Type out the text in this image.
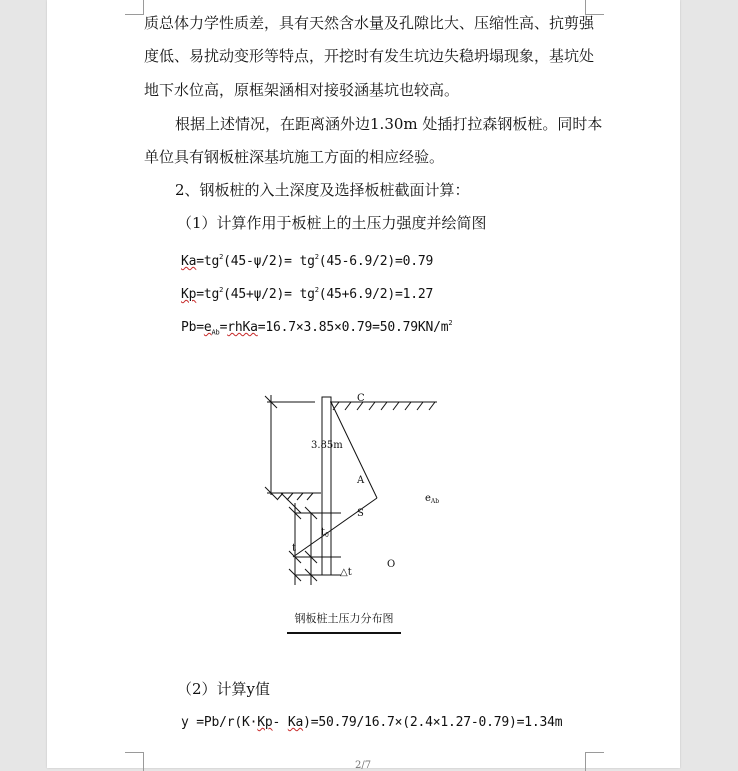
质总体力学性质差，具有天然含水量及孔隙比大、压缩性高、抗剪强
度低、易扰动变形等特点，开挖时有发生坑边失稳坍塌现象，基坑处
地下水位高，原框架涵相对接驳涵基坑也较高。
根据上述情况，在距离涵外边1.30m 处插打拉森钢板桩。同时本
单位具有钢板桩深基坑施工方面的相应经验。
2、钢板桩的入土深度及选择板桩截面计算：
（1）计算作用于板桩上的土压力强度并绘简图
$Ka=tg^2(45-\psi/2)= tg^2(45-6.9/2)=0.79$
$Kp=tg^2(45+\psi/2)= tg^2(45+6.9/2)=1.27$
$Pb=e_{Ab}=rhKa=16.7\times 3.85\times 0.79=50.79KN/m^2$
C
3.85m
A
$e_{Ab}$
S
$t_0$
t
O
△t
钢板桩土压力分布图
（2）计算y值
y =Pb/r(K·Kp- Ka)=50.79/16.7×(2.4×1.27-0.79)=1.34m
2/7
